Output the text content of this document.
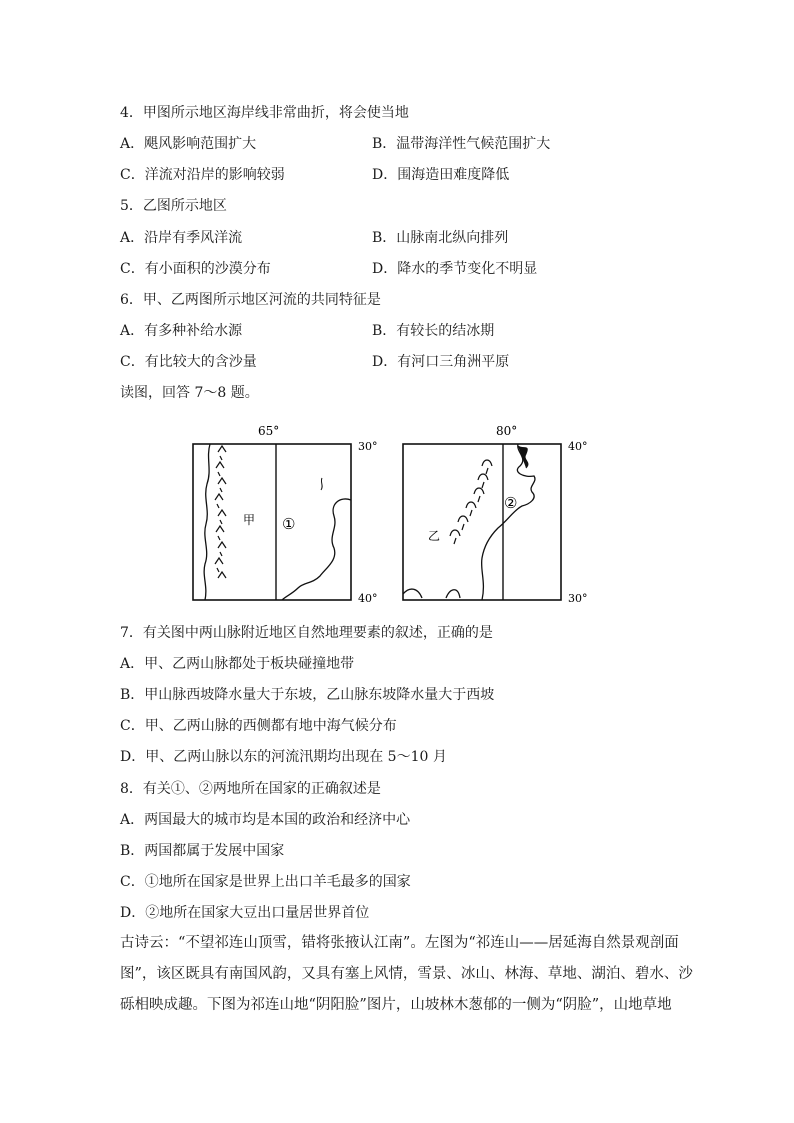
4．甲图所示地区海岸线非常曲折，将会使当地
A．飓风影响范围扩大	B．温带海洋性气候范围扩大
C．洋流对沿岸的影响较弱	D．围海造田难度降低
5．乙图所示地区
A．沿岸有季风洋流	B．山脉南北纵向排列
C．有小面积的沙漠分布	D．降水的季节变化不明显
6．甲、乙两图所示地区河流的共同特征是
A．有多种补给水源	B．有较长的结冰期
C．有比较大的含沙量	D．有河口三角洲平原
读图，回答 7～8 题。
65°
30°
40°
甲 ①
80°
40°
30°
乙
②
7．有关图中两山脉附近地区自然地理要素的叙述，正确的是
A．甲、乙两山脉都处于板块碰撞地带
B．甲山脉西坡降水量大于东坡，乙山脉东坡降水量大于西坡
C．甲、乙两山脉的西侧都有地中海气候分布
D．甲、乙两山脉以东的河流汛期均出现在 5～10 月
8．有关①、②两地所在国家的正确叙述是
A．两国最大的城市均是本国的政治和经济中心
B．两国都属于发展中国家
C．①地所在国家是世界上出口羊毛最多的国家
D．②地所在国家大豆出口量居世界首位
古诗云：“不望祁连山顶雪，错将张掖认江南”。左图为“祁连山——居延海自然景观剖面
图”，该区既具有南国风韵，又具有塞上风情，雪景、冰山、林海、草地、湖泊、碧水、沙
砾相映成趣。下图为祁连山地“阴阳脸”图片，山坡林木葱郁的一侧为“阴脸”，山地草地
